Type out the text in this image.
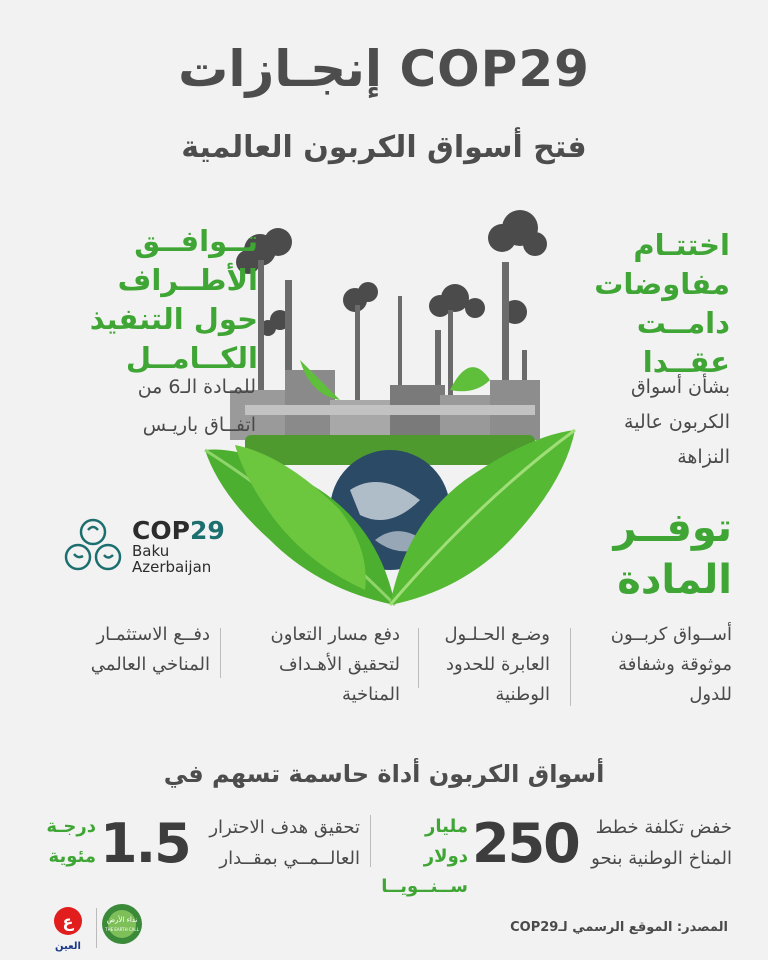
إنجـازات COP29
فتح أسواق الكربون العالمية
اختتـام
مفاوضات
دامــت
عقــدا
بشأن أسواق
الكربون عالية
النزاهة
تــوافــق
الأطــراف
حول التنفيذ
الكــامــل
للمـادة الـ6 من
اتفــاق باريـس
توفــر
المادة
COP29
Baku
Azerbaijan
أســواق كربــون
موثوقة وشفافة
للدول
وضـع الحـلـول
العابرة للحدود
الوطنية
دفع مسار التعاون
لتحقيق الأهـداف
المناخية
دفــع الاستثمـار
المناخي العالمي
أسواق الكربون أداة حاسمة تسهم في
خفض تكلفة خطط
المناخ الوطنية بنحو
250
مليار دولار
ســنــويــا
تحقيق هدف الاحترار
العالــمــي بمقــدار
1.5
درجـة
مئوية
ع
العين
نداء الأرض
THE EARTH CALL	المصدر: الموقع الرسمي لـCOP29
